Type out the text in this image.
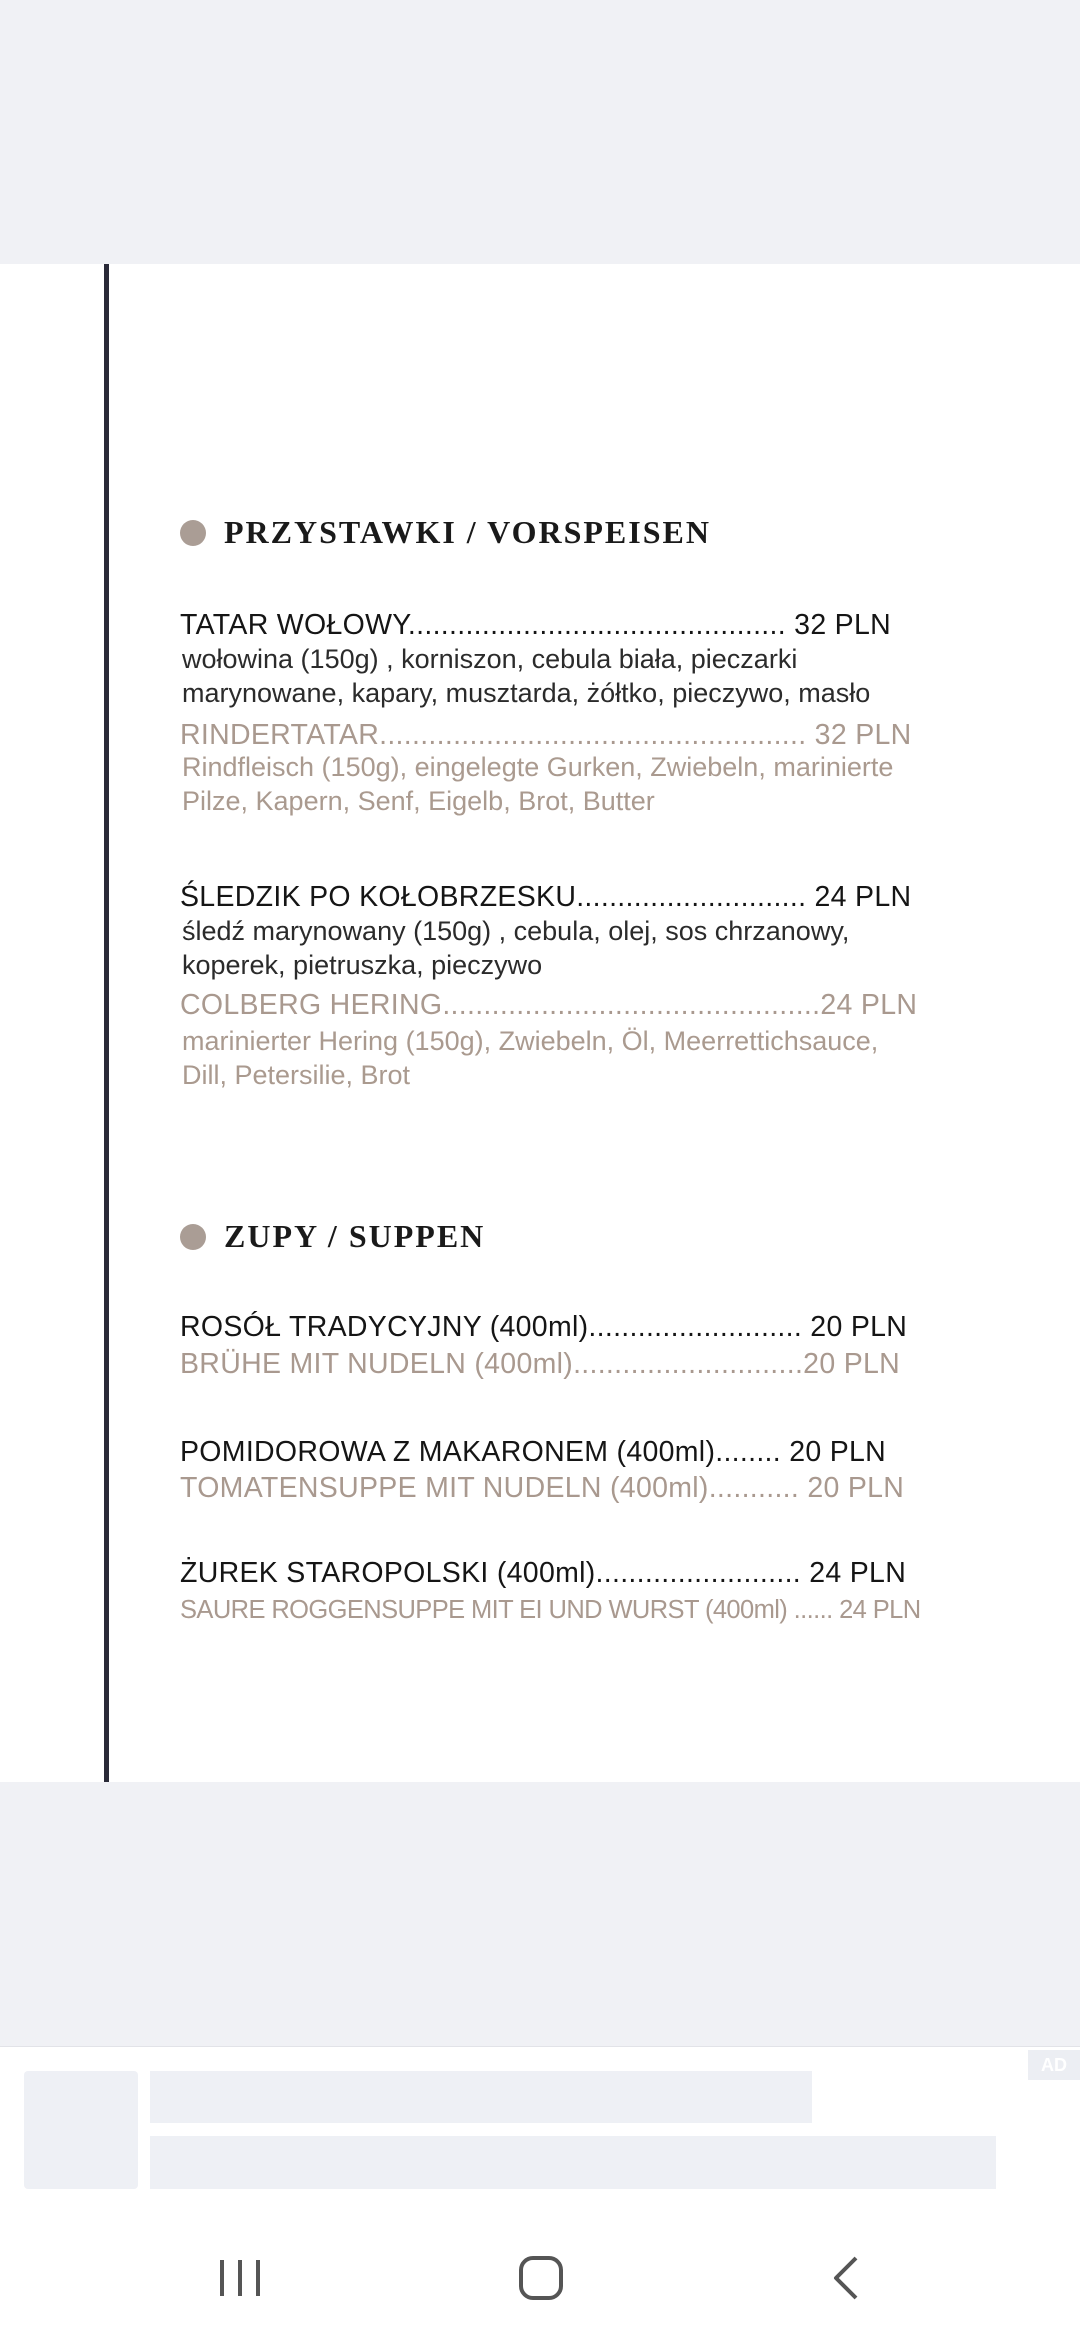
PRZYSTAWKI / VORSPEISEN
TATAR WOŁOWY.............................................. 32 PLN
wołowina (150g) , korniszon, cebula biała, pieczarki
marynowane, kapary, musztarda, żółtko, pieczywo, masło
RINDERTATAR.................................................... 32 PLN
Rindfleisch (150g), eingelegte Gurken, Zwiebeln, marinierte
Pilze, Kapern, Senf, Eigelb, Brot, Butter
ŚLEDZIK PO KOŁOBRZESKU............................ 24 PLN
śledź marynowany (150g) , cebula, olej, sos chrzanowy,
koperek, pietruszka, pieczywo
COLBERG HERING..............................................24 PLN
marinierter Hering (150g), Zwiebeln, Öl, Meerrettichsauce,
Dill, Petersilie, Brot
ZUPY / SUPPEN
ROSÓŁ TRADYCYJNY (400ml).......................... 20 PLN
BRÜHE MIT NUDELN (400ml)............................20 PLN
POMIDOROWA Z MAKARONEM (400ml)........ 20 PLN
TOMATENSUPPE MIT NUDELN (400ml)........... 20 PLN
ŻUREK STAROPOLSKI (400ml)......................... 24 PLN
SAURE ROGGENSUPPE MIT EI UND WURST (400ml) ...... 24 PLN
AD
